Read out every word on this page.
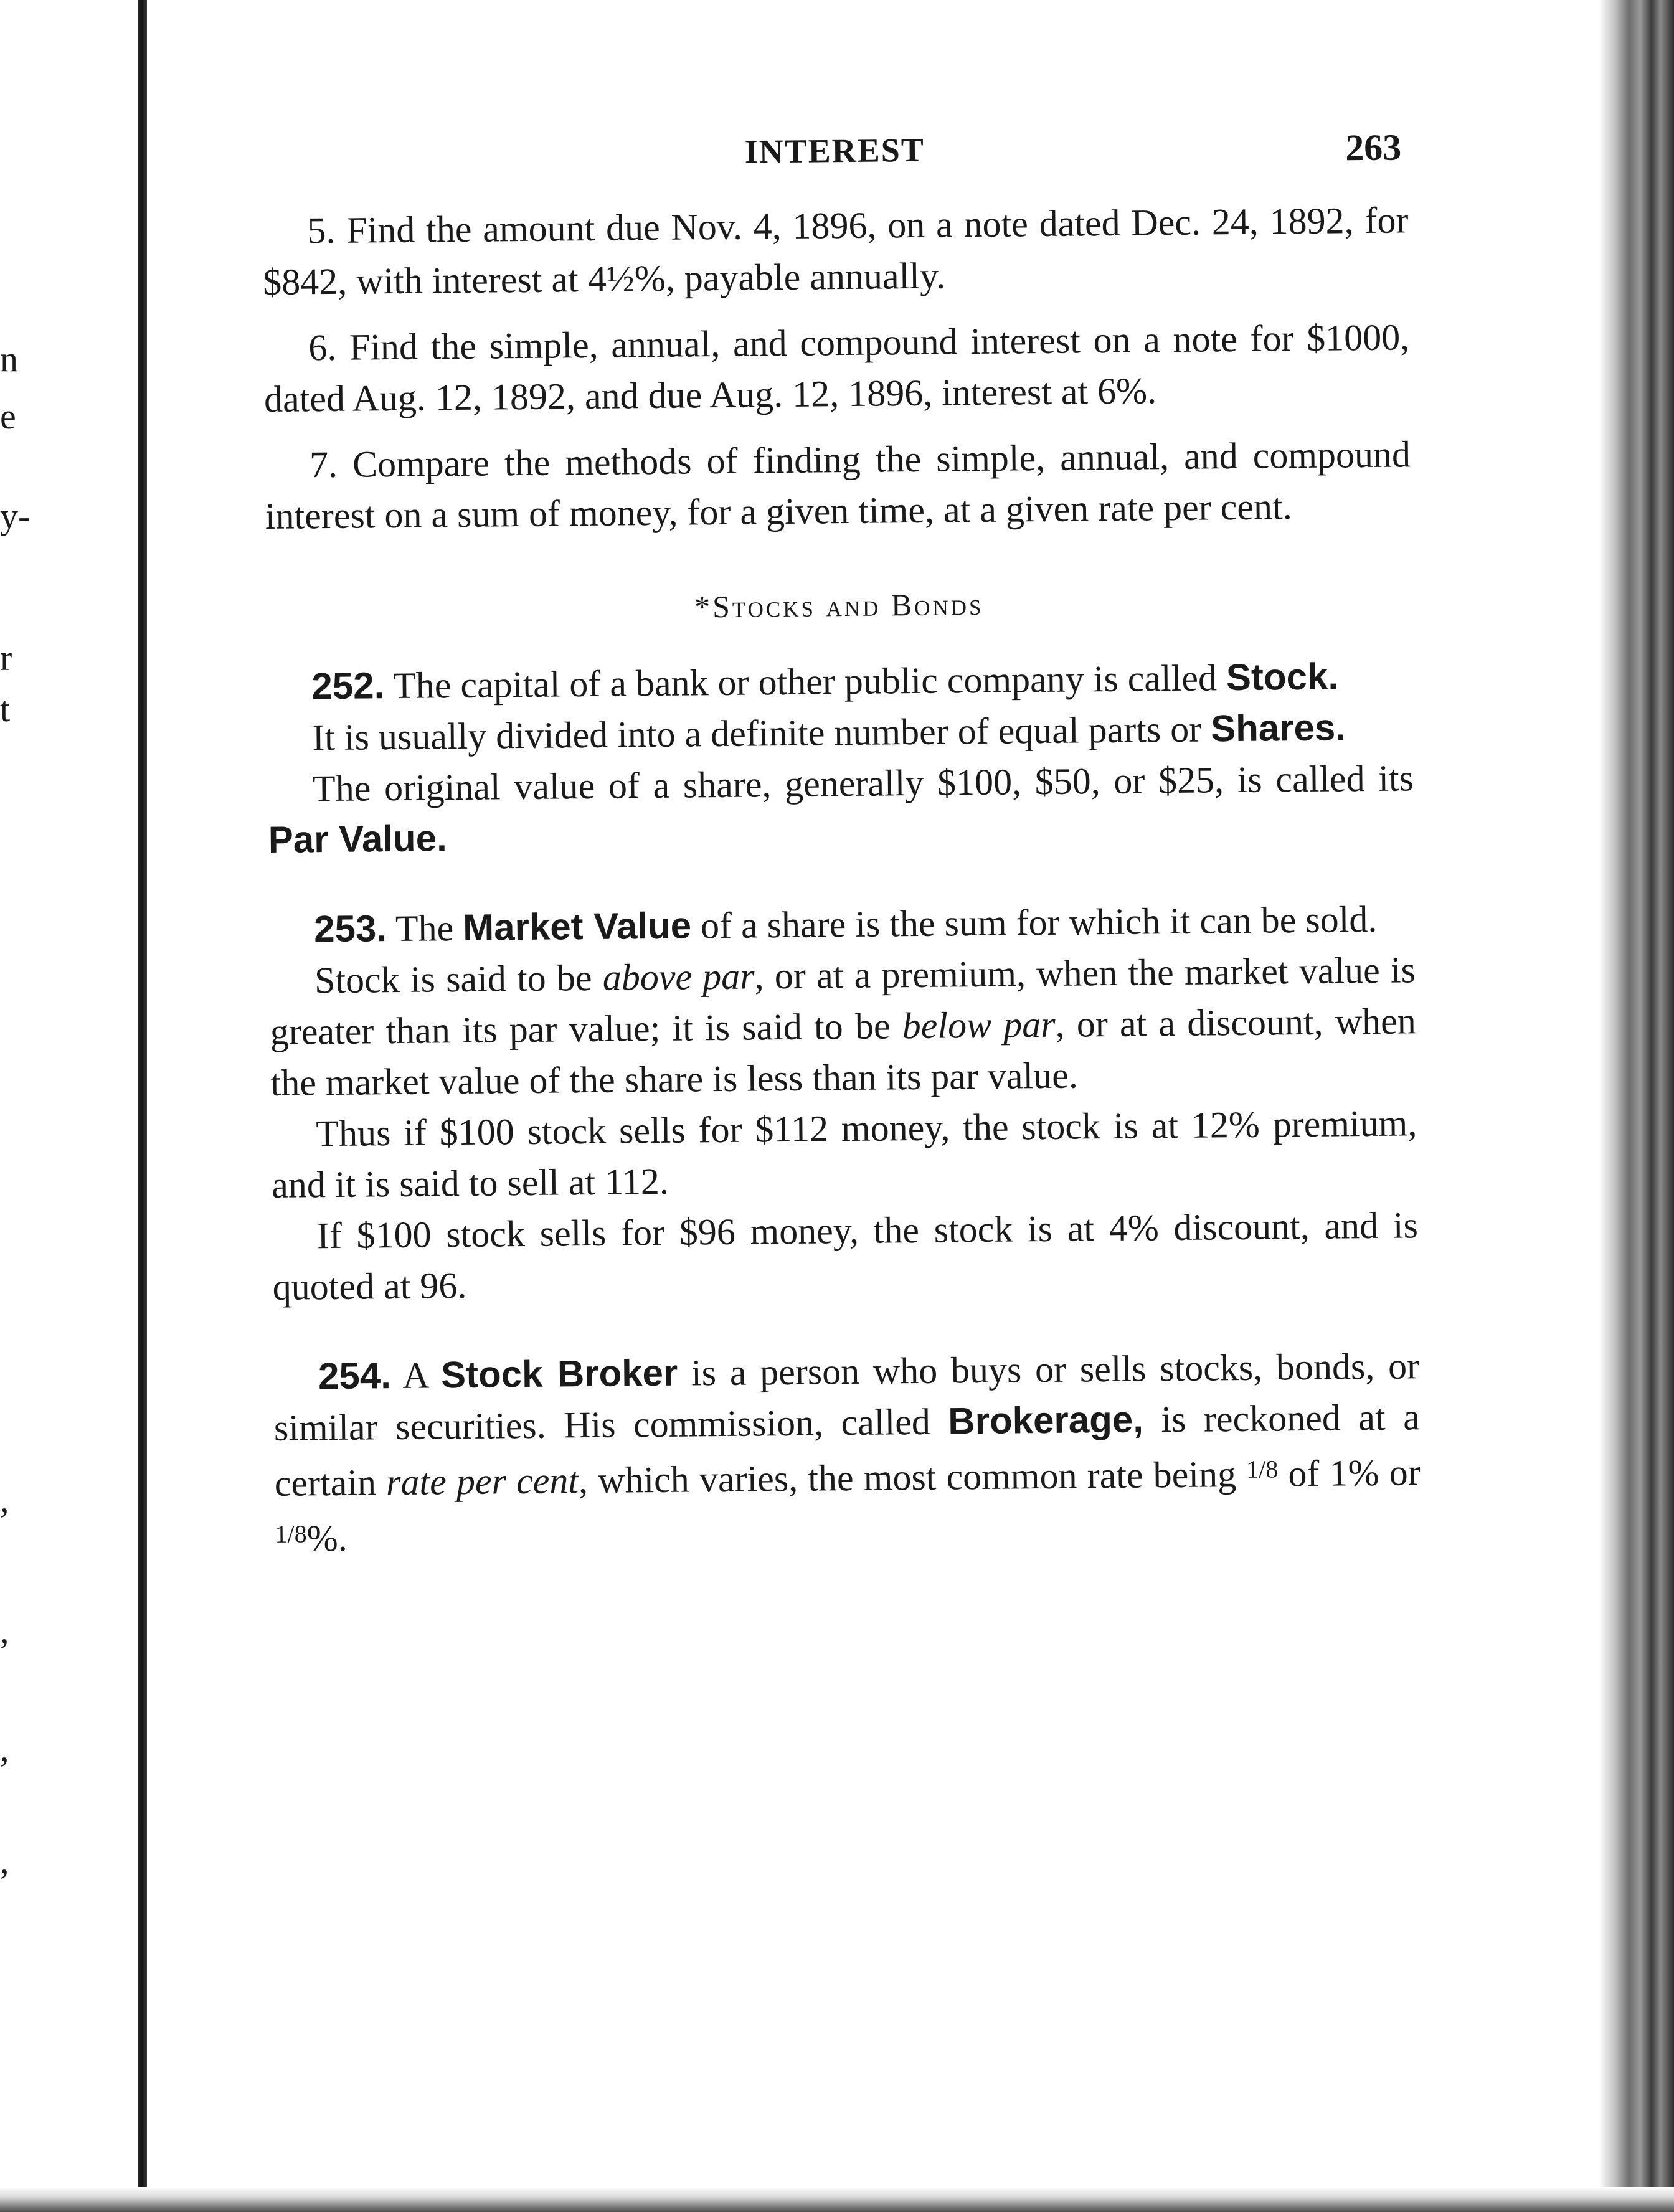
n
e
y-
r
t
,
,
,
,
INTEREST	263

5. Find the amount due Nov. 4, 1896, on a note dated Dec. 24, 1892, for $842, with interest at 4½%, payable annually.

6. Find the simple, annual, and compound interest on a note for $1000, dated Aug. 12, 1892, and due Aug. 12, 1896, interest at 6%.

7. Compare the methods of finding the simple, annual, and compound interest on a sum of money, for a given time, at a given rate per cent.

*Stocks and Bonds

252. The capital of a bank or other public company is called Stock.

It is usually divided into a definite number of equal parts or Shares.

The original value of a share, generally $100, $50, or $25, is called its Par Value.

253. The Market Value of a share is the sum for which it can be sold.

Stock is said to be above par, or at a premium, when the market value is greater than its par value; it is said to be below par, or at a discount, when the market value of the share is less than its par value.

Thus if $100 stock sells for $112 money, the stock is at 12% premium, and it is said to sell at 112.

If $100 stock sells for $96 money, the stock is at 4% discount, and is quoted at 96.

254. A Stock Broker is a person who buys or sells stocks, bonds, or similar securities. His commission, called Brokerage, is reckoned at a certain rate per cent, which varies, the most common rate being $^{1/8}$ of 1% or $^{1/8}$%.
